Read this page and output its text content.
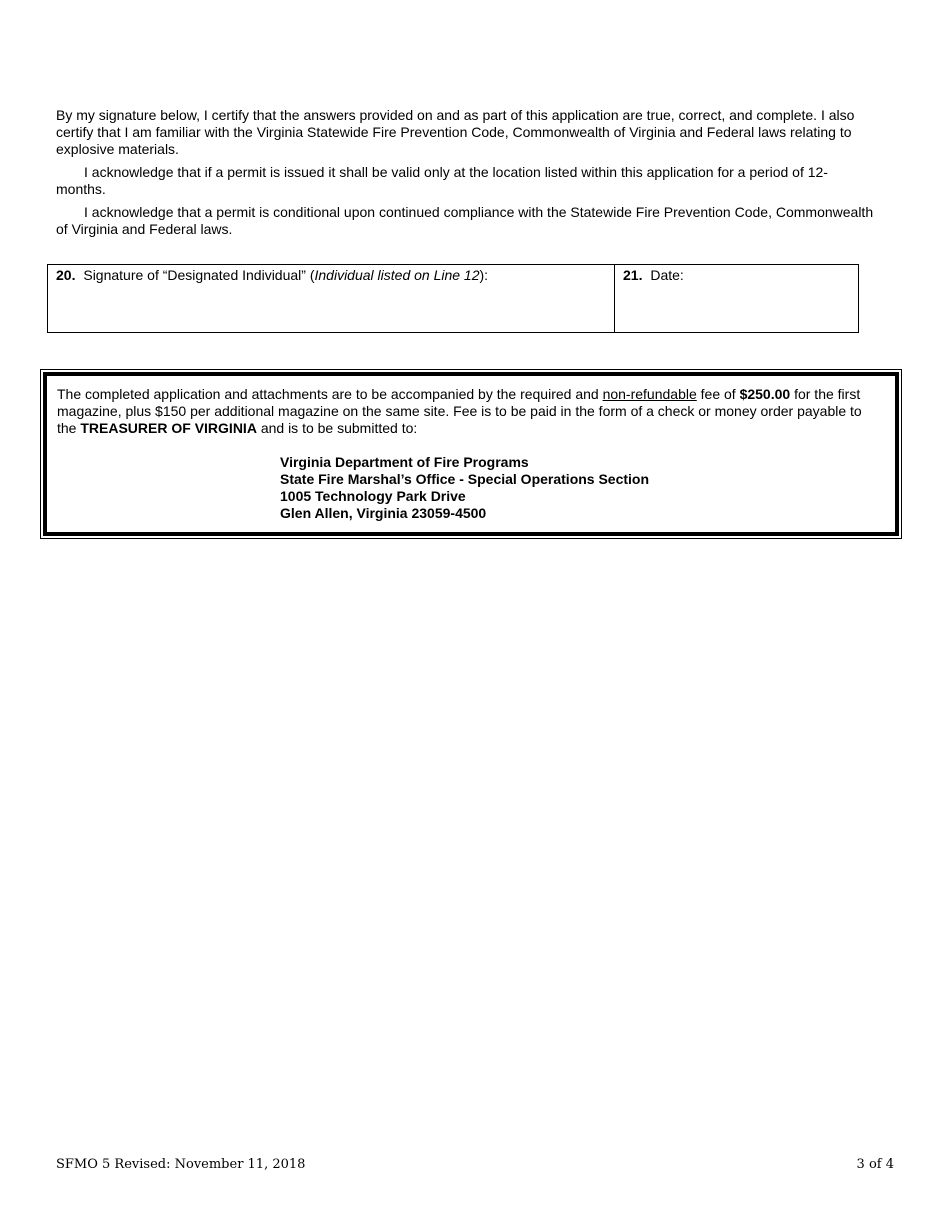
By my signature below, I certify that the answers provided on and as part of this application are true, correct, and complete. I also certify that I am familiar with the Virginia Statewide Fire Prevention Code, Commonwealth of Virginia and Federal laws relating to explosive materials.

I acknowledge that if a permit is issued it shall be valid only at the location listed within this application for a period of 12-months.

I acknowledge that a permit is conditional upon continued compliance with the Statewide Fire Prevention Code, Commonwealth of Virginia and Federal laws.

20. Signature of “Designated Individual” (Individual listed on Line 12):	21. Date:

The completed application and attachments are to be accompanied by the required and non-refundable fee of $250.00 for the first magazine, plus $150 per additional magazine on the same site. Fee is to be paid in the form of a check or money order payable to the TREASURER OF VIRGINIA and is to be submitted to:

Virginia Department of Fire Programs
State Fire Marshal’s Office - Special Operations Section
1005 Technology Park Drive
Glen Allen, Virginia 23059-4500
SFMO 5 Revised: November 11, 2018	3 of 4
